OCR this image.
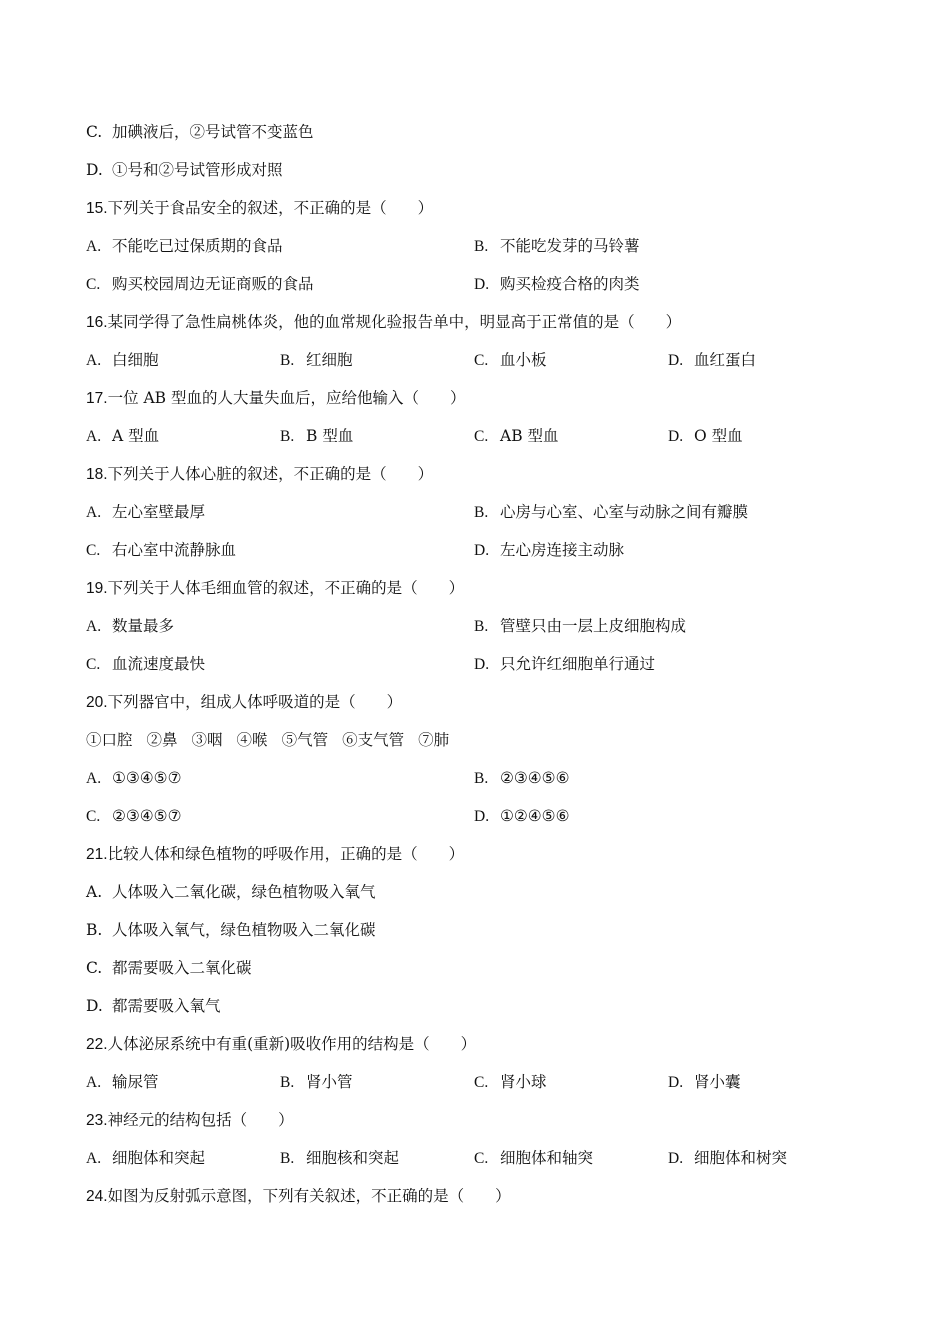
C. 加碘液后，②号试管不变蓝色
D. ①号和②号试管形成对照
15.下列关于食品安全的叙述，不正确的是（　　）
A. 不能吃已过保质期的食品	B. 不能吃发芽的马铃薯
C. 购买校园周边无证商贩的食品	D. 购买检疫合格的肉类
16.某同学得了急性扁桃体炎，他的血常规化验报告单中，明显高于正常值的是（　　）
A. 白细胞	B. 红细胞	C. 血小板	D. 血红蛋白
17.一位 AB 型血的人大量失血后，应给他输入（　　）
A. A 型血	B. B 型血	C. AB 型血	D. O 型血
18.下列关于人体心脏的叙述，不正确的是（　　）
A. 左心室壁最厚	B. 心房与心室、心室与动脉之间有瓣膜
C. 右心室中流静脉血	D. 左心房连接主动脉
19.下列关于人体毛细血管的叙述，不正确的是（　　）
A. 数量最多	B. 管壁只由一层上皮细胞构成
C. 血流速度最快	D. 只允许红细胞单行通过
20.下列器官中，组成人体呼吸道的是（　　）
①口腔 ②鼻 ③咽 ④喉 ⑤气管 ⑥支气管 ⑦肺
A. ①③④⑤⑦	B. ②③④⑤⑥
C. ②③④⑤⑦	D. ①②④⑤⑥
21.比较人体和绿色植物的呼吸作用，正确的是（　　）
A. 人体吸入二氧化碳，绿色植物吸入氧气
B. 人体吸入氧气，绿色植物吸入二氧化碳
C. 都需要吸入二氧化碳
D. 都需要吸入氧气
22.人体泌尿系统中有重(重新)吸收作用的结构是（　　）
A. 输尿管	B. 肾小管	C. 肾小球	D. 肾小囊
23.神经元的结构包括（　　）
A. 细胞体和突起	B. 细胞核和突起	C. 细胞体和轴突	D. 细胞体和树突
24.如图为反射弧示意图，下列有关叙述，不正确的是（　　）
